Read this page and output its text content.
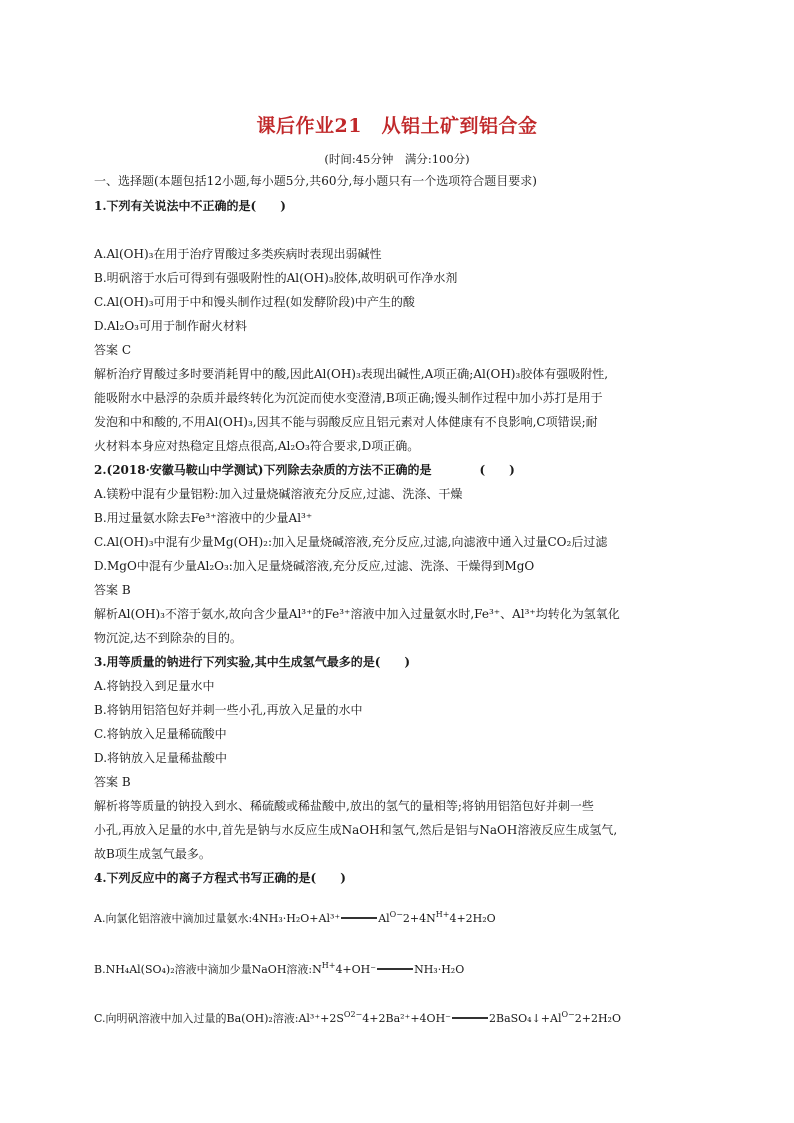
课后作业21　从铝土矿到铝合金
(时间:45分钟　满分:100分)
一、选择题(本题包括12小题,每小题5分,共60分,每小题只有一个选项符合题目要求)
1.下列有关说法中不正确的是(　　)
A.Al(OH)₃在用于治疗胃酸过多类疾病时表现出弱碱性
B.明矾溶于水后可得到有强吸附性的Al(OH)₃胶体,故明矾可作净水剂
C.Al(OH)₃可用于中和馒头制作过程(如发酵阶段)中产生的酸
D.Al₂O₃可用于制作耐火材料
答案 C
解析治疗胃酸过多时要消耗胃中的酸,因此Al(OH)₃表现出碱性,A项正确;Al(OH)₃胶体有强吸附性,
能吸附水中悬浮的杂质并最终转化为沉淀而使水变澄清,B项正确;馒头制作过程中加小苏打是用于
发泡和中和酸的,不用Al(OH)₃,因其不能与弱酸反应且铝元素对人体健康有不良影响,C项错误;耐
火材料本身应对热稳定且熔点很高,Al₂O₃符合要求,D项正确。
2.(2018·安徽马鞍山中学测试)下列除去杂质的方法不正确的是　　　　(　　)
A.镁粉中混有少量铝粉:加入过量烧碱溶液充分反应,过滤、洗涤、干燥
B.用过量氨水除去Fe³⁺溶液中的少量Al³⁺
C.Al(OH)₃中混有少量Mg(OH)₂:加入足量烧碱溶液,充分反应,过滤,向滤液中通入过量CO₂后过滤
D.MgO中混有少量Al₂O₃:加入足量烧碱溶液,充分反应,过滤、洗涤、干燥得到MgO
答案 B
解析Al(OH)₃不溶于氨水,故向含少量Al³⁺的Fe³⁺溶液中加入过量氨水时,Fe³⁺、Al³⁺均转化为氢氧化
物沉淀,达不到除杂的目的。
3.用等质量的钠进行下列实验,其中生成氢气最多的是(　　)
A.将钠投入到足量水中
B.将钠用铝箔包好并刺一些小孔,再放入足量的水中
C.将钠放入足量稀硫酸中
D.将钠放入足量稀盐酸中
答案 B
解析将等质量的钠投入到水、稀硫酸或稀盐酸中,放出的氢气的量相等;将钠用铝箔包好并刺一些
小孔,再放入足量的水中,首先是钠与水反应生成NaOH和氢气,然后是铝与NaOH溶液反应生成氢气,
故B项生成氢气最多。
4.下列反应中的离子方程式书写正确的是(　　)
A.向氯化铝溶液中滴加过量氨水:4NH₃·H₂O+Al³⁺	$Al^{O-}2+4N^{H+}4+2H_2O$
B.NH₄Al(SO₄)₂溶液中滴加少量NaOH溶液$:N^{H+}4+OH^-$	NH₃·H₂O
C.向明矾溶液中加入过量的Ba(OH)₂溶液$:Al^{3+}+2S^{O2-}4+2Ba^{2+}+4OH^-$	$2BaSO_4↓+Al^{O-}2+2H_2O$
